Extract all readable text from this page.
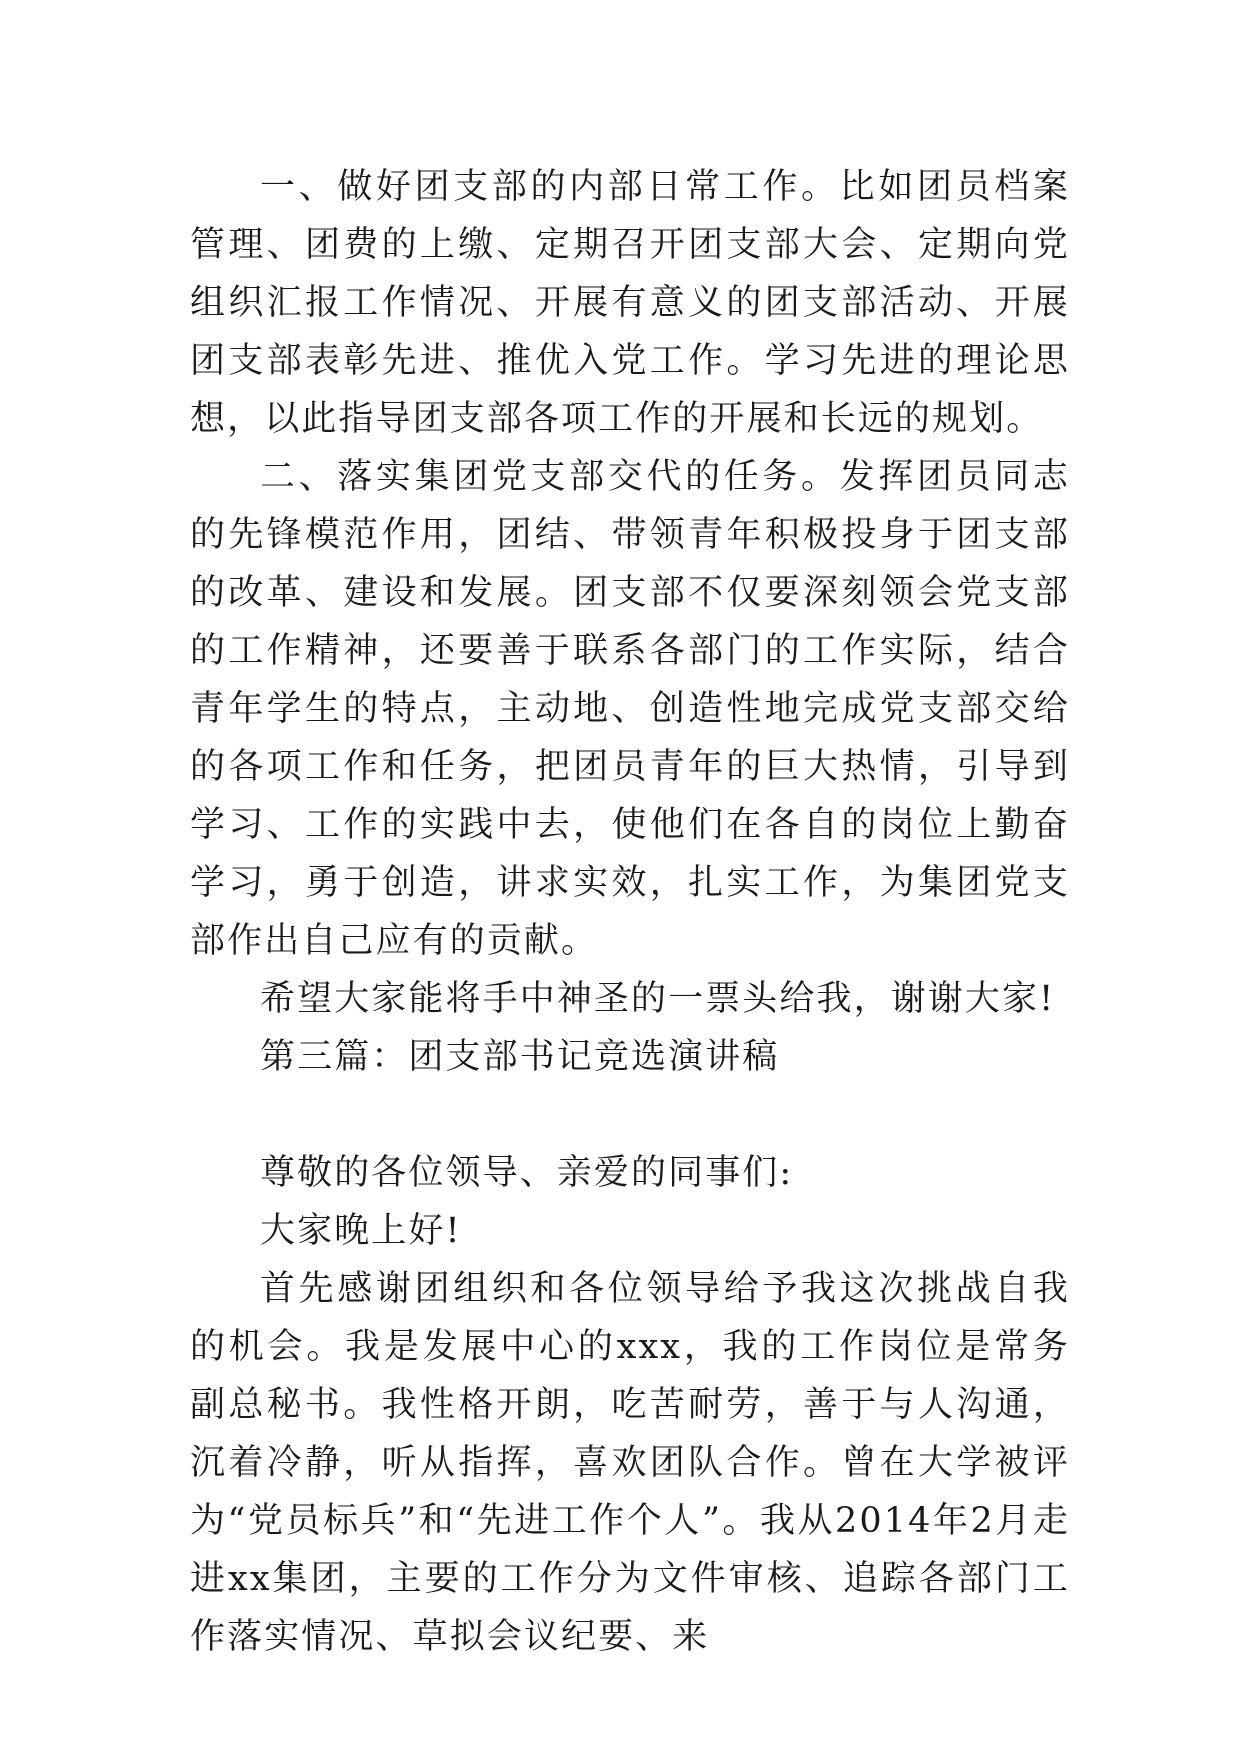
一、做好团支部的内部日常工作。比如团员档案管理、团费的上缴、定期召开团支部大会、定期向党组织汇报工作情况、开展有意义的团支部活动、开展团支部表彰先进、推优入党工作。学习先进的理论思想，以此指导团支部各项工作的开展和长远的规划。

二、落实集团党支部交代的任务。发挥团员同志的先锋模范作用，团结、带领青年积极投身于团支部的改革、建设和发展。团支部不仅要深刻领会党支部的工作精神，还要善于联系各部门的工作实际，结合青年学生的特点，主动地、创造性地完成党支部交给的各项工作和任务，把团员青年的巨大热情，引导到学习、工作的实践中去，使他们在各自的岗位上勤奋学习，勇于创造，讲求实效，扎实工作，为集团党支部作出自己应有的贡献。

希望大家能将手中神圣的一票头给我，谢谢大家!

第三篇：团支部书记竞选演讲稿

尊敬的各位领导、亲爱的同事们:

大家晚上好!

首先感谢团组织和各位领导给予我这次挑战自我的机会。我是发展中心的xxx，我的工作岗位是常务副总秘书。我性格开朗，吃苦耐劳，善于与人沟通，沉着冷静，听从指挥，喜欢团队合作。曾在大学被评为“党员标兵”和“先进工作个人”。我从2014年2月走进xx集团，主要的工作分为文件审核、追踪各部门工作落实情况、草拟会议纪要、来
